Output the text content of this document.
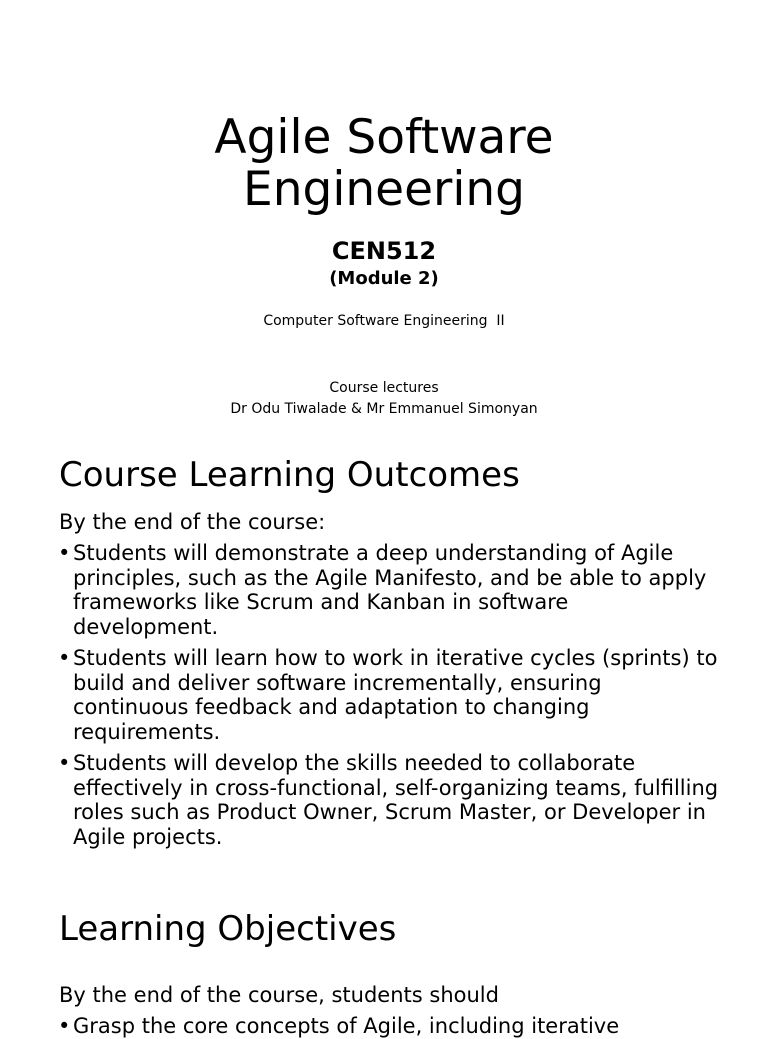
Agile Software
Engineering
CEN512
(Module 2)
Computer Software Engineering  II
Course lectures
Dr Odu Tiwalade & Mr Emmanuel Simonyan
Course Learning Outcomes

By the end of the course:

• Students will demonstrate a deep understanding of Agile principles, such as the Agile Manifesto, and be able to apply frameworks like Scrum and Kanban in software development.
• Students will learn how to work in iterative cycles (sprints) to build and deliver software incrementally, ensuring continuous feedback and adaptation to changing requirements.
• Students will develop the skills needed to collaborate effectively in cross-functional, self-organizing teams, fulfilling roles such as Product Owner, Scrum Master, or Developer in Agile projects.
Learning Objectives

By the end of the course, students should

• Grasp the core concepts of Agile, including iterative
